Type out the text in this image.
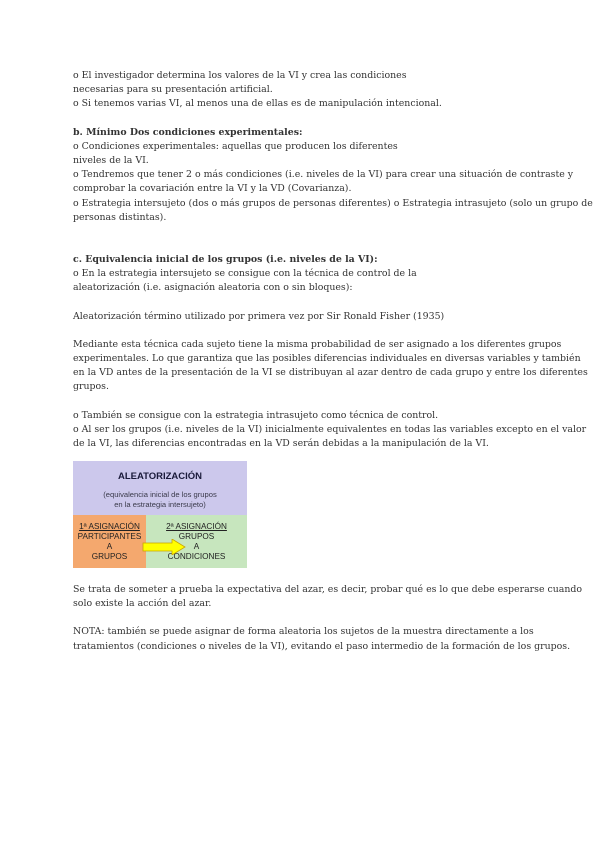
o El investigador determina los valores de la VI y crea las condiciones
necesarias para su presentación artificial.
o Si tenemos varias VI, al menos una de ellas es de manipulación intencional.
b. Mínimo Dos condiciones experimentales:
o Condiciones experimentales: aquellas que producen los diferentes
niveles de la VI.
o Tendremos que tener 2 o más condiciones (i.e. niveles de la VI) para crear una situación de contraste y
comprobar la covariación entre la VI y la VD (Covarianza).
o Estrategia intersujeto (dos o más grupos de personas diferentes) o Estrategia intrasujeto (solo un grupo de
personas distintas).
c. Equivalencia inicial de los grupos (i.e. niveles de la VI):
o En la estrategia intersujeto se consigue con la técnica de control de la
aleatorización (i.e. asignación aleatoria con o sin bloques):
Aleatorización término utilizado por primera vez por Sir Ronald Fisher (1935)
Mediante esta técnica cada sujeto tiene la misma probabilidad de ser asignado a los diferentes grupos
experimentales. Lo que garantiza que las posibles diferencias individuales en diversas variables y también
en la VD antes de la presentación de la VI se distribuyan al azar dentro de cada grupo y entre los diferentes
grupos.
o También se consigue con la estrategia intrasujeto como técnica de control.
o Al ser los grupos (i.e. niveles de la VI) inicialmente equivalentes en todas las variables excepto en el valor
de la VI, las diferencias encontradas en la VD serán debidas a la manipulación de la VI.
ALEATORIZACIÓN
(equivalencia inicial de los grupos
en la estrategia intersujeto)
1ª ASIGNACIÓN
PARTICIPANTES
A
GRUPOS
2ª ASIGNACIÓN
GRUPOS
A
CONDICIONES
Se trata de someter a prueba la expectativa del azar, es decir, probar qué es lo que debe esperarse cuando
solo existe la acción del azar.
NOTA: también se puede asignar de forma aleatoria los sujetos de la muestra directamente a los
tratamientos (condiciones o niveles de la VI), evitando el paso intermedio de la formación de los grupos.
